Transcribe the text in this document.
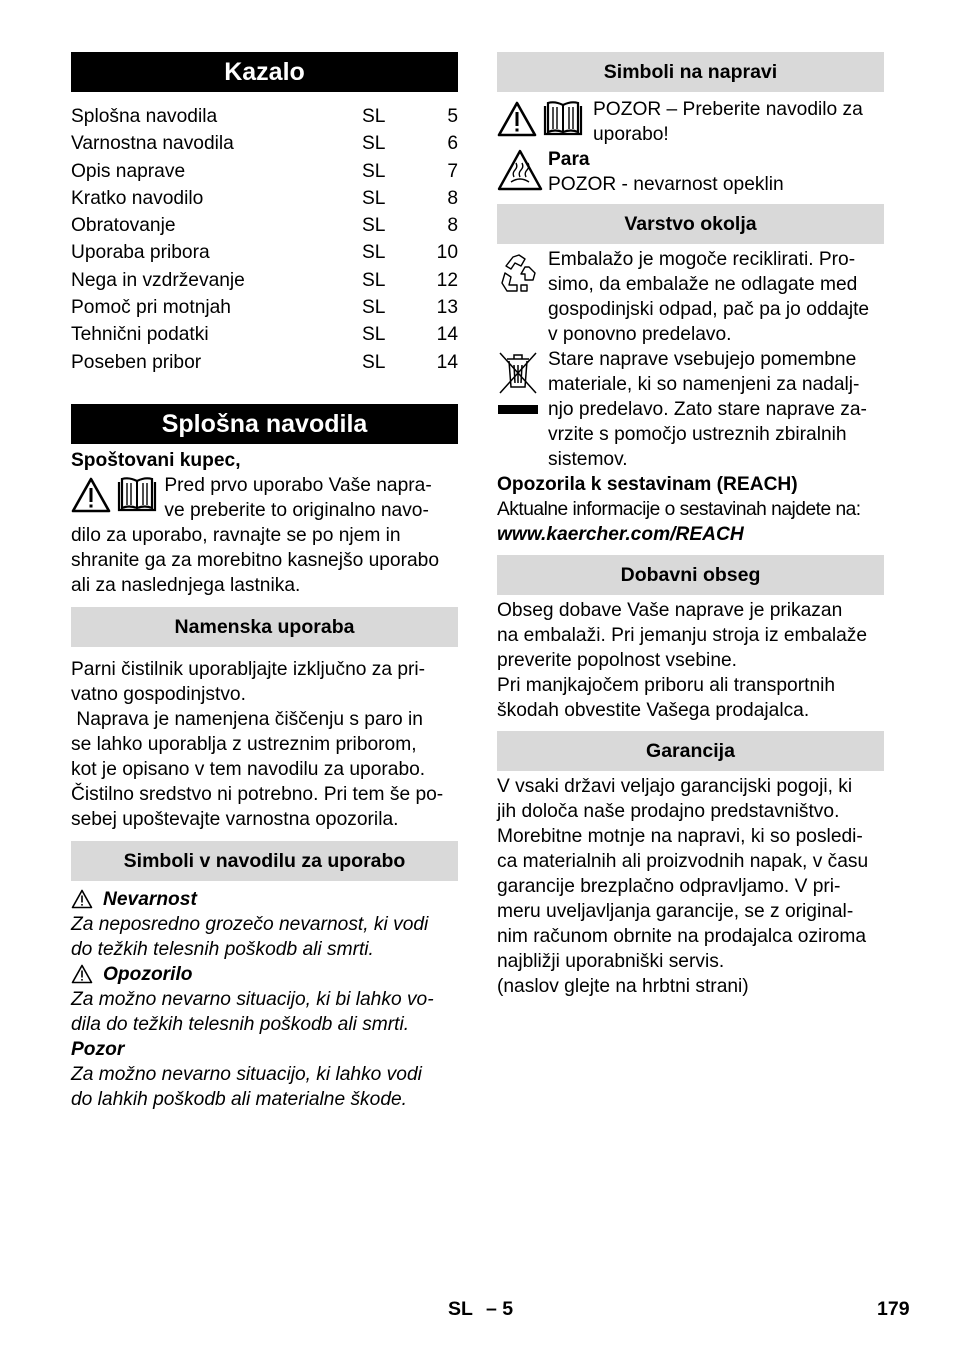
Kazalo
Splošna navodila	SL	5
Varnostna navodila	SL	6
Opis naprave	SL	7
Kratko navodilo	SL	8
Obratovanje	SL	8
Uporaba pribora	SL	10
Nega in vzdrževanje	SL	12
Pomoč pri motnjah	SL	13
Tehnični podatki	SL	14
Poseben pribor	SL	14
Splošna navodila

Spoštovani kupec,

Pred prvo uporabo Vaše napra-

ve preberite to originalno navo-

dilo za uporabo, ravnajte se po njem in

shranite ga za morebitno kasnejšo uporabo

ali za naslednjega lastnika.

Namenska uporaba

Parni čistilnik uporabljajte izključno za pri-

vatno gospodinjstvo.

Naprava je namenjena čiščenju s paro in

se lahko uporablja z ustreznim priborom,

kot je opisano v tem navodilu za uporabo.

Čistilno sredstvo ni potrebno. Pri tem še po-

sebej upoštevajte varnostna opozorila.

Simboli v navodilu za uporabo
Nevarnost

Za neposredno grozečo nevarnost, ki vodi

do težkih telesnih poškodb ali smrti.

Opozorilo

Za možno nevarno situacijo, ki bi lahko vo-

dila do težkih telesnih poškodb ali smrti.

Pozor

Za možno nevarno situacijo, ki lahko vodi

do lahkih poškodb ali materialne škode.

Simboli na napravi

POZOR – Preberite navodilo za

uporabo!

Para

POZOR - nevarnost opeklin

Varstvo okolja

Embalažo je mogoče reciklirati. Pro-

simo, da embalaže ne odlagate med

gospodinjski odpad, pač pa jo oddajte

v ponovno predelavo.

Stare naprave vsebujejo pomembne

materiale, ki so namenjeni za nadalj-

njo predelavo. Zato stare naprave za-

vrzite s pomočjo ustreznih zbiralnih

sistemov.

Opozorila k sestavinam (REACH)

Aktualne informacije o sestavinah najdete na:

www.kaercher.com/REACH

Dobavni obseg

Obseg dobave Vaše naprave je prikazan

na embalaži. Pri jemanju stroja iz embalaže

preverite popolnost vsebine.

Pri manjkajočem priboru ali transportnih

škodah obvestite Vašega prodajalca.

Garancija

V vsaki državi veljajo garancijski pogoji, ki

jih določa naše prodajno predstavništvo.

Morebitne motnje na napravi, ki so posledi-

ca materialnih ali proizvodnih napak, v času

garancije brezplačno odpravljamo. V pri-

meru uveljavljanja garancije, se z original-

nim računom obrnite na prodajalca oziroma

najbližji uporabniški servis.

(naslov glejte na hrbtni strani)

SL – 5	179
